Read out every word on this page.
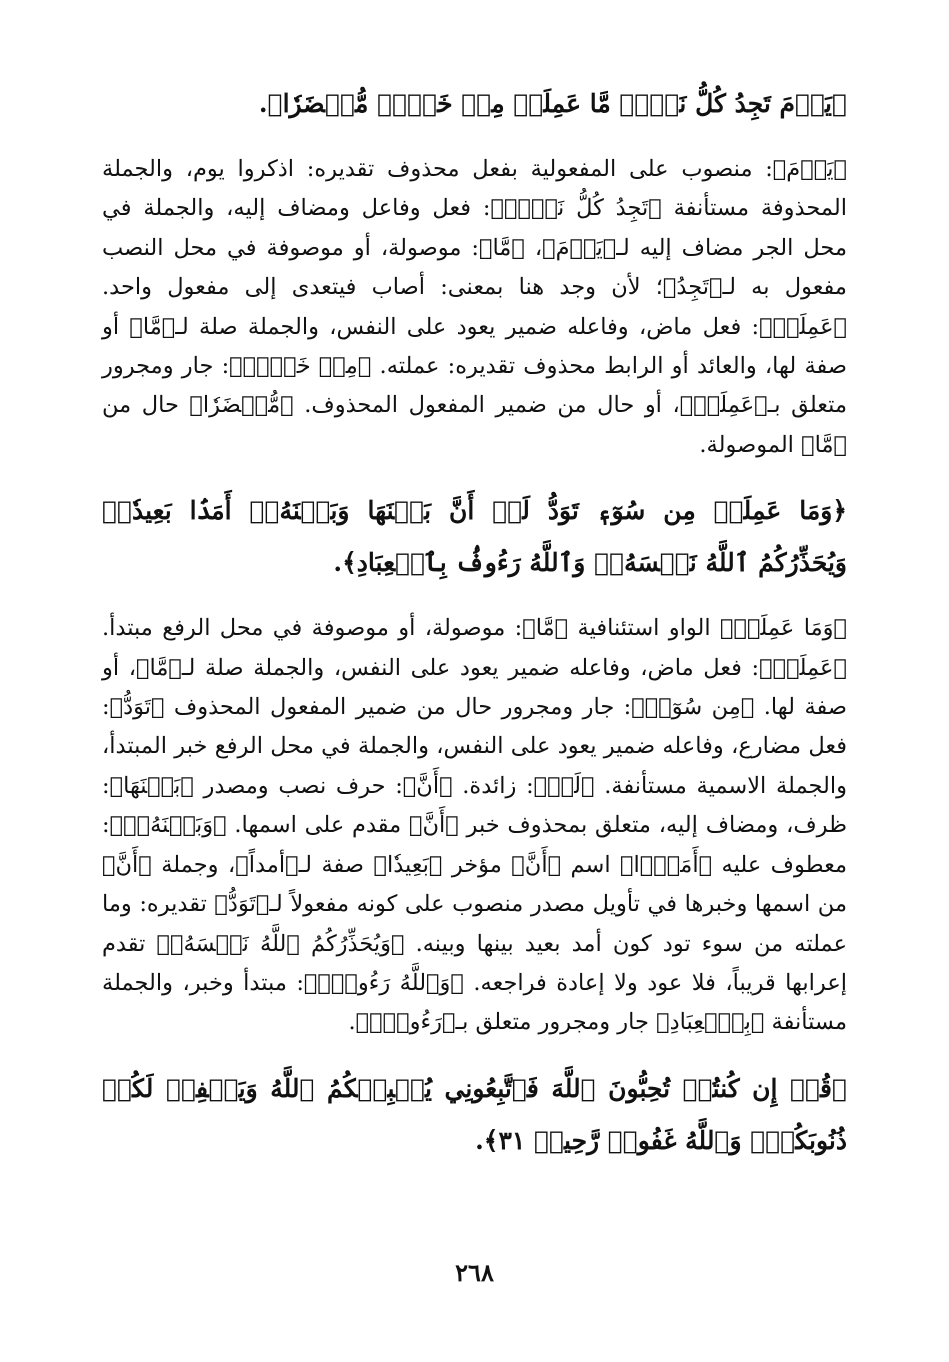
﴿يَوۡمَ تَجِدُ كُلُّ نَفۡسٖ مَّا عَمِلَتۡ مِنۡ خَيۡرٖ مُّحۡضَرٗا﴾.

﴿يَوۡمَ﴾: منصوب على المفعولية بفعل محذوف تقديره: اذكروا يوم، والجملة المحذوفة مستأنفة ﴿تَجِدُ كُلُّ نَفۡسٖ﴾: فعل وفاعل ومضاف إليه، والجملة في محل الجر مضاف إليه لـ﴿يَوۡمَ﴾، ﴿مَّا﴾: موصولة، أو موصوفة في محل النصب مفعول به لـ﴿تَجِدُ﴾؛ لأن وجد هنا بمعنى: أصاب فيتعدى إلى مفعول واحد. ﴿عَمِلَتۡ﴾: فعل ماض، وفاعله ضمير يعود على النفس، والجملة صلة لـ﴿مَّا﴾ أو صفة لها، والعائد أو الرابط محذوف تقديره: عملته. ﴿مِنۡ خَيۡرٖ﴾: جار ومجرور متعلق بـ﴿عَمِلَتۡ﴾، أو حال من ضمير المفعول المحذوف. ﴿مُّحۡضَرٗا﴾ حال من ﴿مَّا﴾ الموصولة.

﴿وَمَا عَمِلَتۡ مِن سُوٓءٖ تَوَدُّ لَوۡ أَنَّ بَيۡنَهَا وَبَيۡنَهُۥٓ أَمَدَۢا بَعِيدٗاۗ وَيُحَذِّرُكُمُ ٱللَّهُ نَفۡسَهُۥۗ وَٱللَّهُ رَءُوفُۢ بِٱلۡعِبَادِ﴾.

﴿وَمَا عَمِلَتۡ﴾ الواو استئنافية ﴿مَّا﴾: موصولة، أو موصوفة في محل الرفع مبتدأ. ﴿عَمِلَتۡ﴾: فعل ماض، وفاعله ضمير يعود على النفس، والجملة صلة لـ﴿مَّا﴾، أو صفة لها. ﴿مِن سُوٓءٖ﴾: جار ومجرور حال من ضمير المفعول المحذوف ﴿تَوَدُّ﴾: فعل مضارع، وفاعله ضمير يعود على النفس، والجملة في محل الرفع خبر المبتدأ، والجملة الاسمية مستأنفة. ﴿لَوۡ﴾: زائدة. ﴿أَنَّ﴾: حرف نصب ومصدر ﴿بَيۡنَهَا﴾: ظرف، ومضاف إليه، متعلق بمحذوف خبر ﴿أَنَّ﴾ مقدم على اسمها. ﴿وَبَيۡنَهُۥٓ﴾: معطوف عليه ﴿أَمَدَۢا﴾ اسم ﴿أَنَّ﴾ مؤخر ﴿بَعِيدٗا﴾ صفة لـ﴿أمداً﴾، وجملة ﴿أَنَّ﴾ من اسمها وخبرها في تأويل مصدر منصوب على كونه مفعولاً لـ﴿تَوَدُّ﴾ تقديره: وما عملته من سوء تود كون أمد بعيد بينها وبينه. ﴿وَيُحَذِّرُكُمُ ٱللَّهُ نَفۡسَهُۥ﴾ تقدم إعرابها قريباً، فلا عود ولا إعادة فراجعه. ﴿وَٱللَّهُ رَءُوفُۢ﴾: مبتدأ وخبر، والجملة مستأنفة ﴿بِٱلۡعِبَادِ﴾ جار ومجرور متعلق بـ﴿رَءُوفُۢ﴾.

﴿قُلۡ إِن كُنتُمۡ تُحِبُّونَ ٱللَّهَ فَٱتَّبِعُونِي يُحۡبِبۡكُمُ ٱللَّهُ وَيَغۡفِرۡ لَكُمۡ ذُنُوبَكُمۡۚ وَٱللَّهُ غَفُورٞ رَّحِيمٞ ٣١﴾.

٢٦٨
